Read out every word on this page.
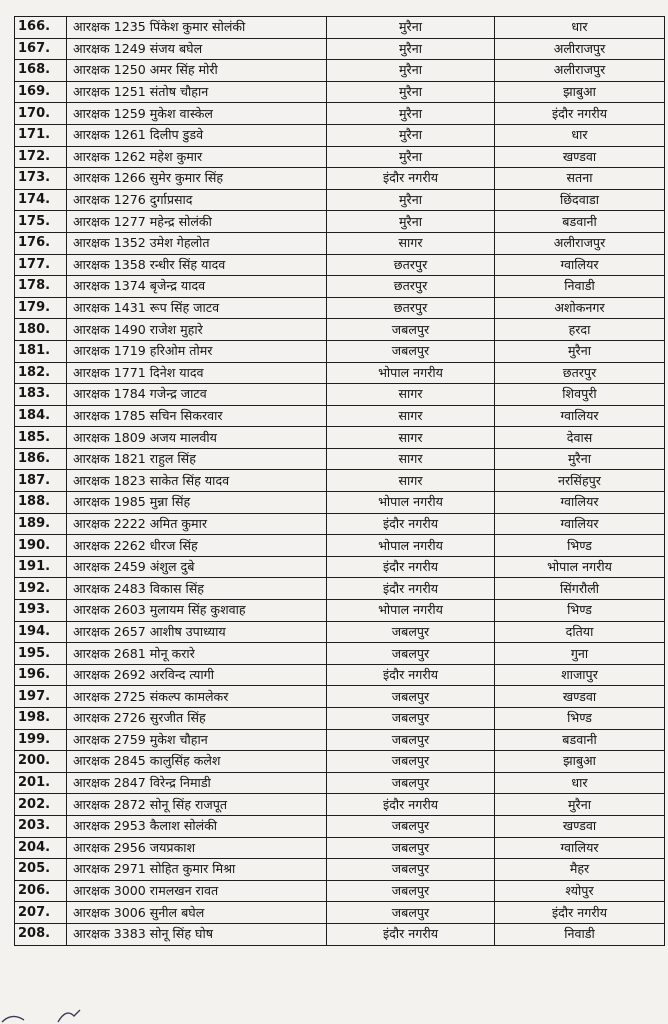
166.	आरक्षक 1235 पिंकेश कुमार सोलंकी	मुरैना	धार
167.	आरक्षक 1249 संजय बघेल	मुरैना	अलीराजपुर
168.	आरक्षक 1250 अमर सिंह मोरी	मुरैना	अलीराजपुर
169.	आरक्षक 1251 संतोष चौहान	मुरैना	झाबुआ
170.	आरक्षक 1259 मुकेश वास्केल	मुरैना	इंदौर नगरीय
171.	आरक्षक 1261 दिलीप डुडवे	मुरैना	धार
172.	आरक्षक 1262 महेश कुमार	मुरैना	खण्डवा
173.	आरक्षक 1266 सुमेर कुमार सिंह	इंदौर नगरीय	सतना
174.	आरक्षक 1276 दुर्गाप्रसाद	मुरैना	छिंदवाडा
175.	आरक्षक 1277 महेन्द्र सोलंकी	मुरैना	बडवानी
176.	आरक्षक 1352 उमेश गेहलोत	सागर	अलीराजपुर
177.	आरक्षक 1358 रन्धीर सिंह यादव	छतरपुर	ग्वालियर
178.	आरक्षक 1374 बृजेन्द्र यादव	छतरपुर	निवाडी
179.	आरक्षक 1431 रूप सिंह जाटव	छतरपुर	अशोकनगर
180.	आरक्षक 1490 राजेश मुहारे	जबलपुर	हरदा
181.	आरक्षक 1719 हरिओम तोमर	जबलपुर	मुरैना
182.	आरक्षक 1771 दिनेश यादव	भोपाल नगरीय	छतरपुर
183.	आरक्षक 1784 गजेन्द्र जाटव	सागर	शिवपुरी
184.	आरक्षक 1785 सचिन सिकरवार	सागर	ग्वालियर
185.	आरक्षक 1809 अजय मालवीय	सागर	देवास
186.	आरक्षक 1821 राहुल सिंह	सागर	मुरैना
187.	आरक्षक 1823 साकेत सिंह यादव	सागर	नरसिंहपुर
188.	आरक्षक 1985 मुन्ना सिंह	भोपाल नगरीय	ग्वालियर
189.	आरक्षक 2222 अमित कुमार	इंदौर नगरीय	ग्वालियर
190.	आरक्षक 2262 धीरज सिंह	भोपाल नगरीय	भिण्ड
191.	आरक्षक 2459 अंशुल दुबे	इंदौर नगरीय	भोपाल नगरीय
192.	आरक्षक 2483 विकास सिंह	इंदौर नगरीय	सिंगरौली
193.	आरक्षक 2603 मुलायम सिंह कुशवाह	भोपाल नगरीय	भिण्ड
194.	आरक्षक 2657 आशीष उपाध्याय	जबलपुर	दतिया
195.	आरक्षक 2681 मोनू करारे	जबलपुर	गुना
196.	आरक्षक 2692 अरविन्द त्यागी	इंदौर नगरीय	शाजापुर
197.	आरक्षक 2725 संकल्प कामलेकर	जबलपुर	खण्डवा
198.	आरक्षक 2726 सुरजीत सिंह	जबलपुर	भिण्ड
199.	आरक्षक 2759 मुकेश चौहान	जबलपुर	बडवानी
200.	आरक्षक 2845 कालुसिंह कलेश	जबलपुर	झाबुआ
201.	आरक्षक 2847 विरेन्द्र निमाडी	जबलपुर	धार
202.	आरक्षक 2872 सोनू सिंह राजपूत	इंदौर नगरीय	मुरैना
203.	आरक्षक 2953 कैलाश सोलंकी	जबलपुर	खण्डवा
204.	आरक्षक 2956 जयप्रकाश	जबलपुर	ग्वालियर
205.	आरक्षक 2971 सोहित कुमार मिश्रा	जबलपुर	मैहर
206.	आरक्षक 3000 रामलखन रावत	जबलपुर	श्योपुर
207.	आरक्षक 3006 सुनील बघेल	जबलपुर	इंदौर नगरीय
208.	आरक्षक 3383 सोनू सिंह घोष	इंदौर नगरीय	निवाडी
